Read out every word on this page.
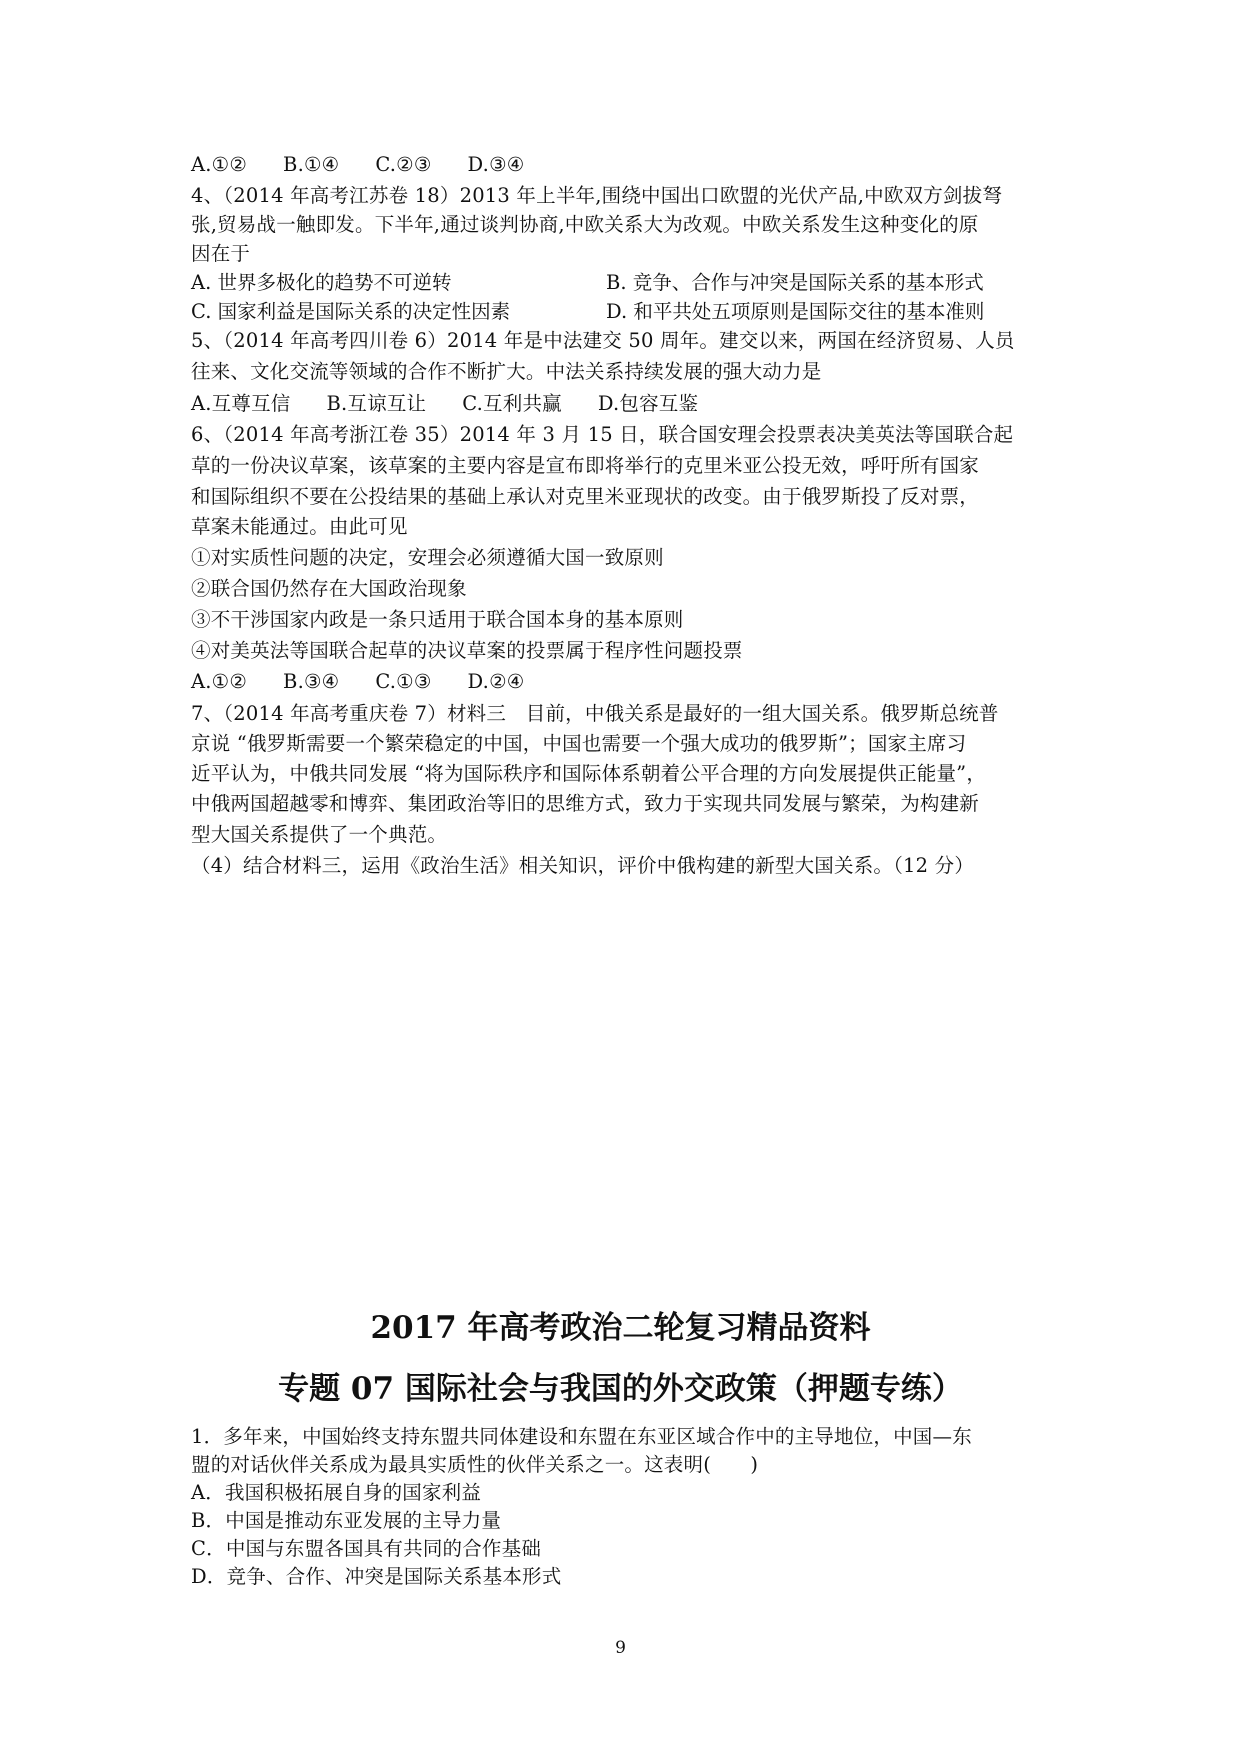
A.①② B.①④ C.②③ D.③④
4、（2014 年高考江苏卷 18）2013 年上半年,围绕中国出口欧盟的光伏产品,中欧双方剑拔弩
张,贸易战一触即发。下半年,通过谈判协商,中欧关系大为改观。中欧关系发生这种变化的原
因在于
A. 世界多极化的趋势不可逆转	B. 竞争、合作与冲突是国际关系的基本形式
C. 国家利益是国际关系的决定性因素	D. 和平共处五项原则是国际交往的基本准则
5、（2014 年高考四川卷 6）2014 年是中法建交 50 周年。建交以来，两国在经济贸易、人员
往来、文化交流等领域的合作不断扩大。中法关系持续发展的强大动力是
A.互尊互信 B.互谅互让 C.互利共赢 D.包容互鉴
6、（2014 年高考浙江卷 35）2014 年 3 月 15 日，联合国安理会投票表决美英法等国联合起
草的一份决议草案，该草案的主要内容是宣布即将举行的克里米亚公投无效，呼吁所有国家
和国际组织不要在公投结果的基础上承认对克里米亚现状的改变。由于俄罗斯投了反对票，
草案未能通过。由此可见
①对实质性问题的决定，安理会必须遵循大国一致原则
②联合国仍然存在大国政治现象
③不干涉国家内政是一条只适用于联合国本身的基本原则
④对美英法等国联合起草的决议草案的投票属于程序性问题投票
A.①② B.③④ C.①③ D.②④
7、（2014 年高考重庆卷 7）材料三　目前，中俄关系是最好的一组大国关系。俄罗斯总统普
京说 “俄罗斯需要一个繁荣稳定的中国，中国也需要一个强大成功的俄罗斯”；国家主席习
近平认为，中俄共同发展 “将为国际秩序和国际体系朝着公平合理的方向发展提供正能量”，
中俄两国超越零和博弈、集团政治等旧的思维方式，致力于实现共同发展与繁荣，为构建新
型大国关系提供了一个典范。
（4）结合材料三，运用《政治生活》相关知识，评价中俄构建的新型大国关系。（12 分）
2017 年高考政治二轮复习精品资料
专题 07 国际社会与我国的外交政策（押题专练）
1．多年来，中国始终支持东盟共同体建设和东盟在东亚区域合作中的主导地位，中国—东
盟的对话伙伴关系成为最具实质性的伙伴关系之一。这表明(　　)
A．我国积极拓展自身的国家利益
B．中国是推动东亚发展的主导力量
C．中国与东盟各国具有共同的合作基础
D．竞争、合作、冲突是国际关系基本形式
9
